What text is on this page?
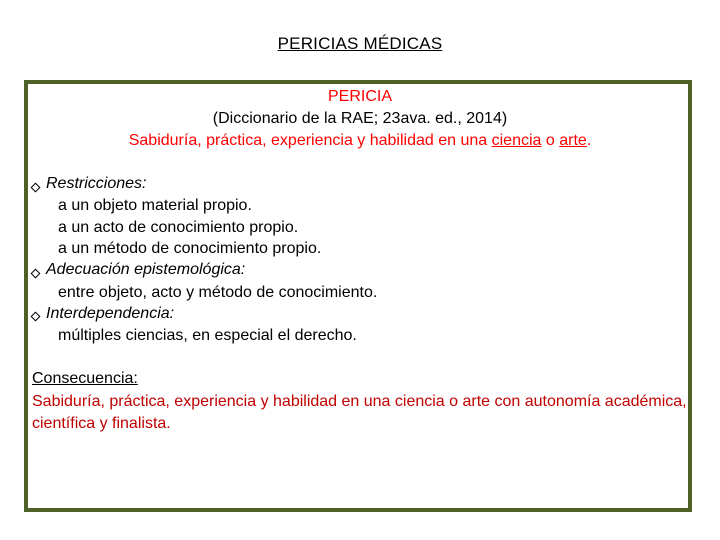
PERICIAS MÉDICAS
PERICIA
(Diccionario de la RAE; 23ava. ed., 2014)
Sabiduría, práctica, experiencia y habilidad en una ciencia o arte.
Restricciones:
a un objeto material propio.
a un acto de conocimiento propio.
a un método de conocimiento propio.
Adecuación epistemológica:
entre objeto, acto y método de conocimiento.
Interdependencia:
múltiples ciencias, en especial el derecho.
Consecuencia:
Sabiduría, práctica, experiencia y habilidad en una ciencia o arte con autonomía académica, científica y finalista.
